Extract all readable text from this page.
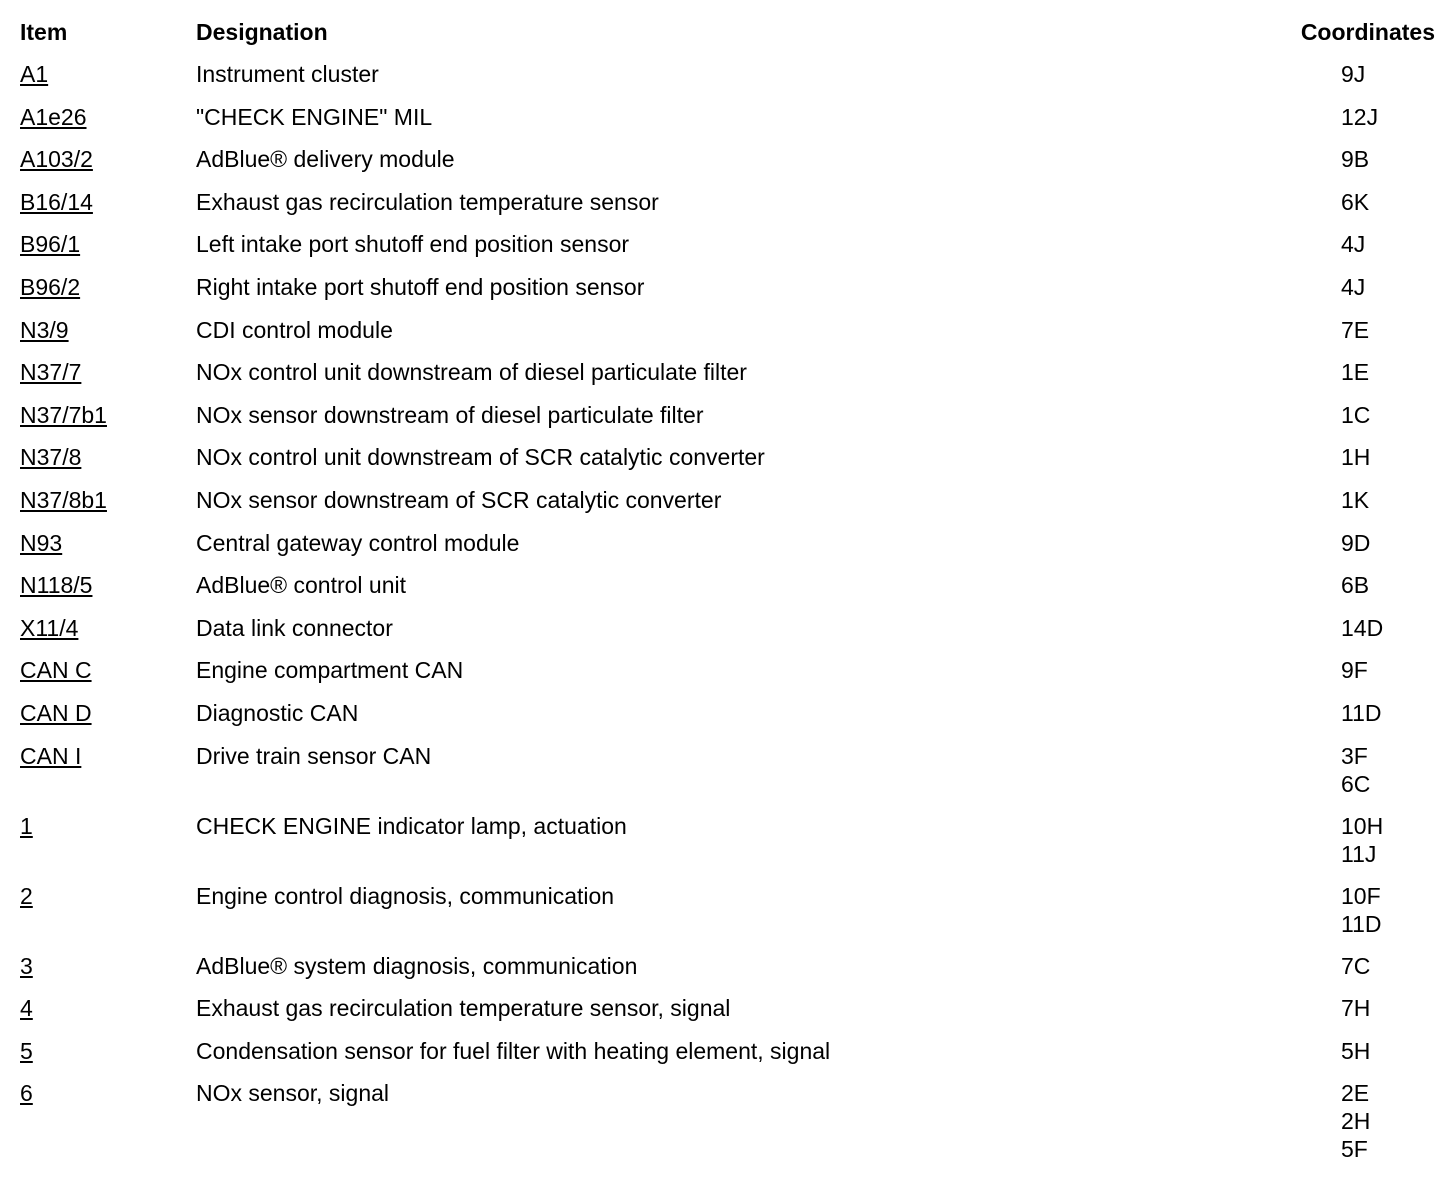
Item	Designation	Coordinates
A1	Instrument cluster	9J
A1e26	"CHECK ENGINE" MIL	12J
A103/2	AdBlue® delivery module	9B
B16/14	Exhaust gas recirculation temperature sensor	6K
B96/1	Left intake port shutoff end position sensor	4J
B96/2	Right intake port shutoff end position sensor	4J
N3/9	CDI control module	7E
N37/7	NOx control unit downstream of diesel particulate filter	1E
N37/7b1	NOx sensor downstream of diesel particulate filter	1C
N37/8	NOx control unit downstream of SCR catalytic converter	1H
N37/8b1	NOx sensor downstream of SCR catalytic converter	1K
N93	Central gateway control module	9D
N118/5	AdBlue® control unit	6B
X11/4	Data link connector	14D
CAN C	Engine compartment CAN	9F
CAN D	Diagnostic CAN	11D
CAN I	Drive train sensor CAN	3F
6C
1	CHECK ENGINE indicator lamp, actuation	10H
11J
2	Engine control diagnosis, communication	10F
11D
3	AdBlue® system diagnosis, communication	7C
4	Exhaust gas recirculation temperature sensor, signal	7H
5	Condensation sensor for fuel filter with heating element, signal	5H
6	NOx sensor, signal	2E
2H
5F
